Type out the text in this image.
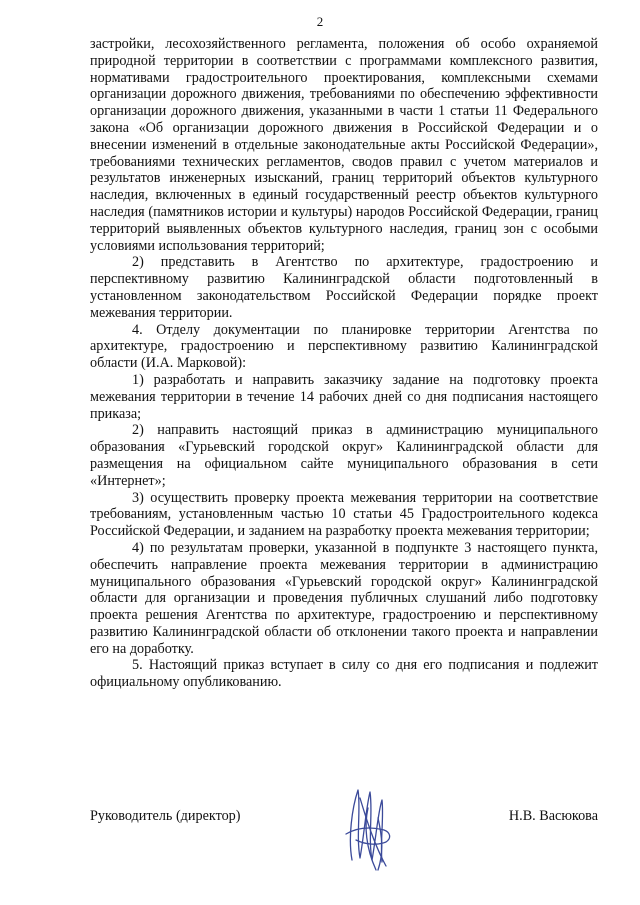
2

застройки, лесохозяйственного регламента, положения об особо охраняемой природной территории в соответствии с программами комплексного развития, нормативами градостроительного проектирования, комплексными схемами организации дорожного движения, требованиями по обеспечению эффективности организации дорожного движения, указанными в части 1 статьи 11 Федерального закона «Об организации дорожного движения в Российской Федерации и о внесении изменений в отдельные законодательные акты Российской Федерации», требованиями технических регламентов, сводов правил с учетом материалов и результатов инженерных изысканий, границ территорий объектов культурного наследия, включенных в единый государственный реестр объектов культурного наследия (памятников истории и культуры) народов Российской Федерации, границ территорий выявленных объектов культурного наследия, границ зон с особыми условиями использования территорий;

2) представить в Агентство по архитектуре, градостроению и перспективному развитию Калининградской области подготовленный в установленном законодательством Российской Федерации порядке проект межевания территории.

4. Отделу документации по планировке территории Агентства по архитектуре, градостроению и перспективному развитию Калининградской области (И.А. Марковой):

1) разработать и направить заказчику задание на подготовку проекта межевания территории в течение 14 рабочих дней со дня подписания настоящего приказа;

2) направить настоящий приказ в администрацию муниципального образования «Гурьевский городской округ» Калининградской области для размещения на официальном сайте муниципального образования в сети «Интернет»;

3) осуществить проверку проекта межевания территории на соответствие требованиям, установленным частью 10 статьи 45 Градостроительного кодекса Российской Федерации, и заданием на разработку проекта межевания территории;

4) по результатам проверки, указанной в подпункте 3 настоящего пункта, обеспечить направление проекта межевания территории в администрацию муниципального образования «Гурьевский городской округ» Калининградской области для организации и проведения публичных слушаний либо подготовку проекта решения Агентства по архитектуре, градостроению и перспективному развитию Калининградской области об отклонении такого проекта и направлении его на доработку.

5. Настоящий приказ вступает в силу со дня его подписания и подлежит официальному опубликованию.

Руководитель (директор)	Н.В. Васюкова
